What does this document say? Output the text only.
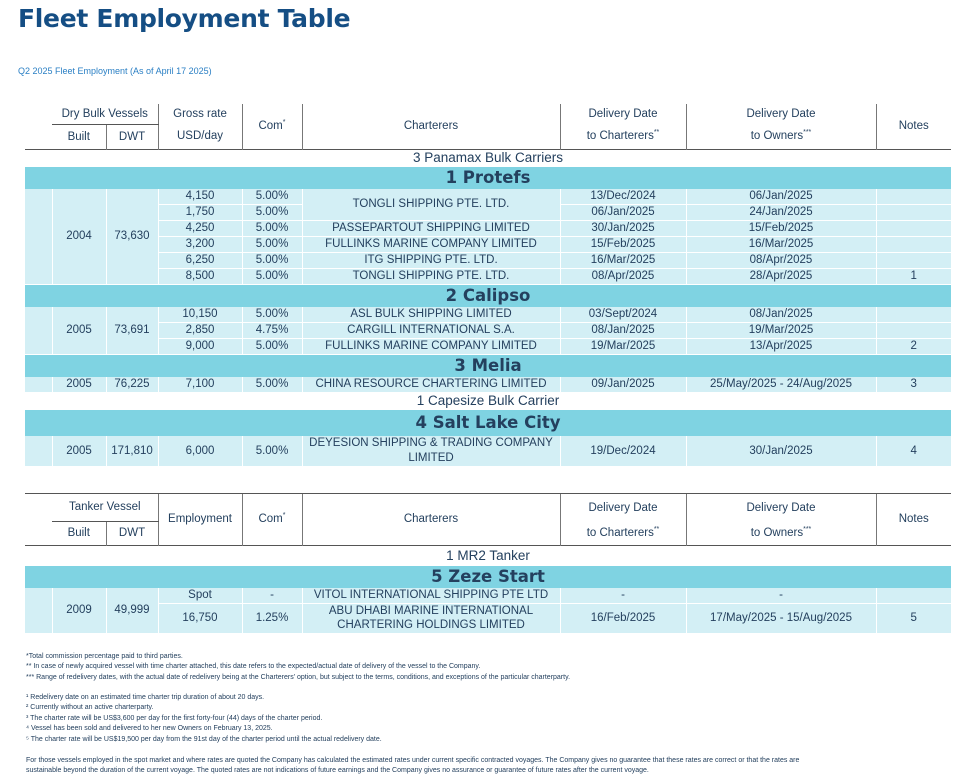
Fleet Employment Table
Q2 2025 Fleet Employment (As of April 17 2025)
	Dry Bulk Vessels		Gross rate	Com*	Charterers	Delivery Date	Delivery Date	Notes
	Built	DWT	USD/day			to Charterers**	to Owners***

3 Panamax Bulk Carriers								
1 Protefs								
	2004	73,630	4,150	5.00%	TONGLI SHIPPING PTE. LTD.	13/Dec/2024	06/Jan/2025	
			1,750	5.00%		06/Jan/2025	24/Jan/2025	
			4,250	5.00%	PASSEPARTOUT SHIPPING LIMITED	30/Jan/2025	15/Feb/2025	
			3,200	5.00%	FULLINKS MARINE COMPANY LIMITED	15/Feb/2025	16/Mar/2025	
			6,250	5.00%	ITG SHIPPING PTE. LTD.	16/Mar/2025	08/Apr/2025	
			8,500	5.00%	TONGLI SHIPPING PTE. LTD.	08/Apr/2025	28/Apr/2025	1
2 Calipso								
	2005	73,691	10,150	5.00%	ASL BULK SHIPPING LIMITED	03/Sept/2024	08/Jan/2025	
			2,850	4.75%	CARGILL INTERNATIONAL S.A.	08/Jan/2025	19/Mar/2025	
			9,000	5.00%	FULLINKS MARINE COMPANY LIMITED	19/Mar/2025	13/Apr/2025	2
3 Melia								
	2005	76,225	7,100	5.00%	CHINA RESOURCE CHARTERING LIMITED	09/Jan/2025	25/May/2025 - 24/Aug/2025	3
1 Capesize Bulk Carrier								
4 Salt Lake City								
	2005	171,810	6,000	5.00%	DEYESION SHIPPING & TRADING COMPANY LIMITED	19/Dec/2024	30/Jan/2025	4

	Tanker Vessel		Employment	Com*	Charterers	Delivery Date	Delivery Date	Notes
	Built	DWT				to Charterers**	to Owners***

1 MR2 Tanker								
5 Zeze Start								
	2009	49,999	Spot	-	VITOL INTERNATIONAL SHIPPING PTE LTD	-	-	
			16,750	1.25%	ABU DHABI MARINE INTERNATIONAL CHARTERING HOLDINGS LIMITED	16/Feb/2025	17/May/2025 - 15/Aug/2025	5
*Total commission percentage paid to third parties.
** In case of newly acquired vessel with time charter attached, this date refers to the expected/actual date of delivery of the vessel to the Company.
*** Range of redelivery dates, with the actual date of redelivery being at the Charterers' option, but subject to the terms, conditions, and exceptions of the particular charterparty.
¹ Redelivery date on an estimated time charter trip duration of about 20 days.
² Currently without an active charterparty.
³ The charter rate will be US$3,600 per day for the first forty-four (44) days of the charter period.
⁴ Vessel has been sold and delivered to her new Owners on February 13, 2025.
⁵ The charter rate will be US$19,500 per day from the 91st day of the charter period until the actual redelivery date.
For those vessels employed in the spot market and where rates are quoted the Company has calculated the estimated rates under current specific contracted voyages. The Company gives no guarantee that these rates are correct or that the rates are
sustainable beyond the duration of the current voyage. The quoted rates are not indications of future earnings and the Company gives no assurance or guarantee of future rates after the current voyage.
